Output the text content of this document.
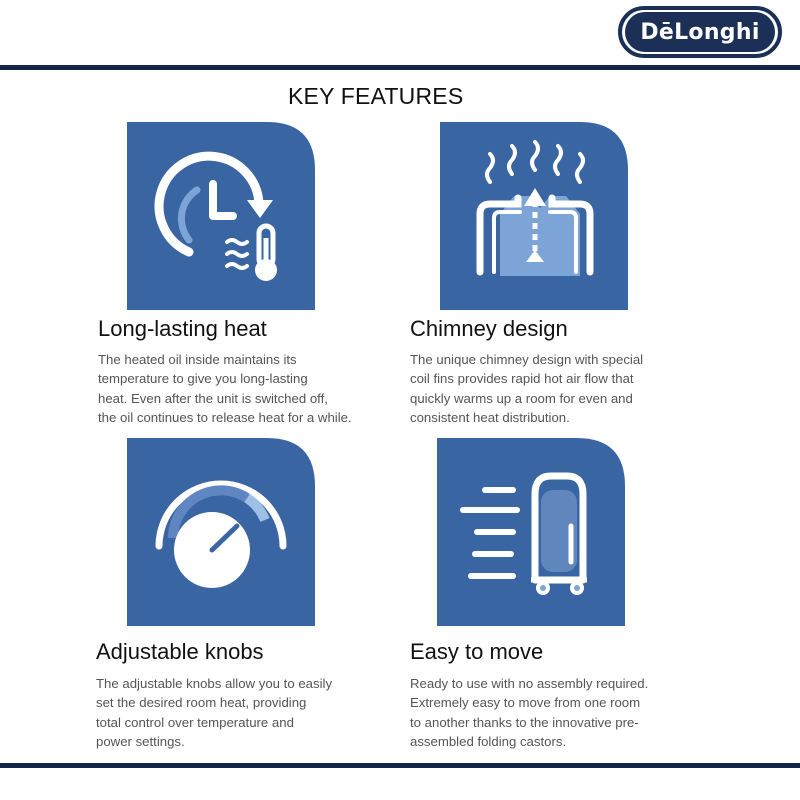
DēLonghi
KEY FEATURES
Long-lasting heat
The heated oil inside maintains its
temperature to give you long-lasting
heat. Even after the unit is switched off,
the oil continues to release heat for a while.
Chimney design
The unique chimney design with special
coil fins provides rapid hot air flow that
quickly warms up a room for even and
consistent heat distribution.
Adjustable knobs
The adjustable knobs allow you to easily
set the desired room heat, providing
total control over temperature and
power settings.
Easy to move
Ready to use with no assembly required.
Extremely easy to move from one room
to another thanks to the innovative pre-
assembled folding castors.
